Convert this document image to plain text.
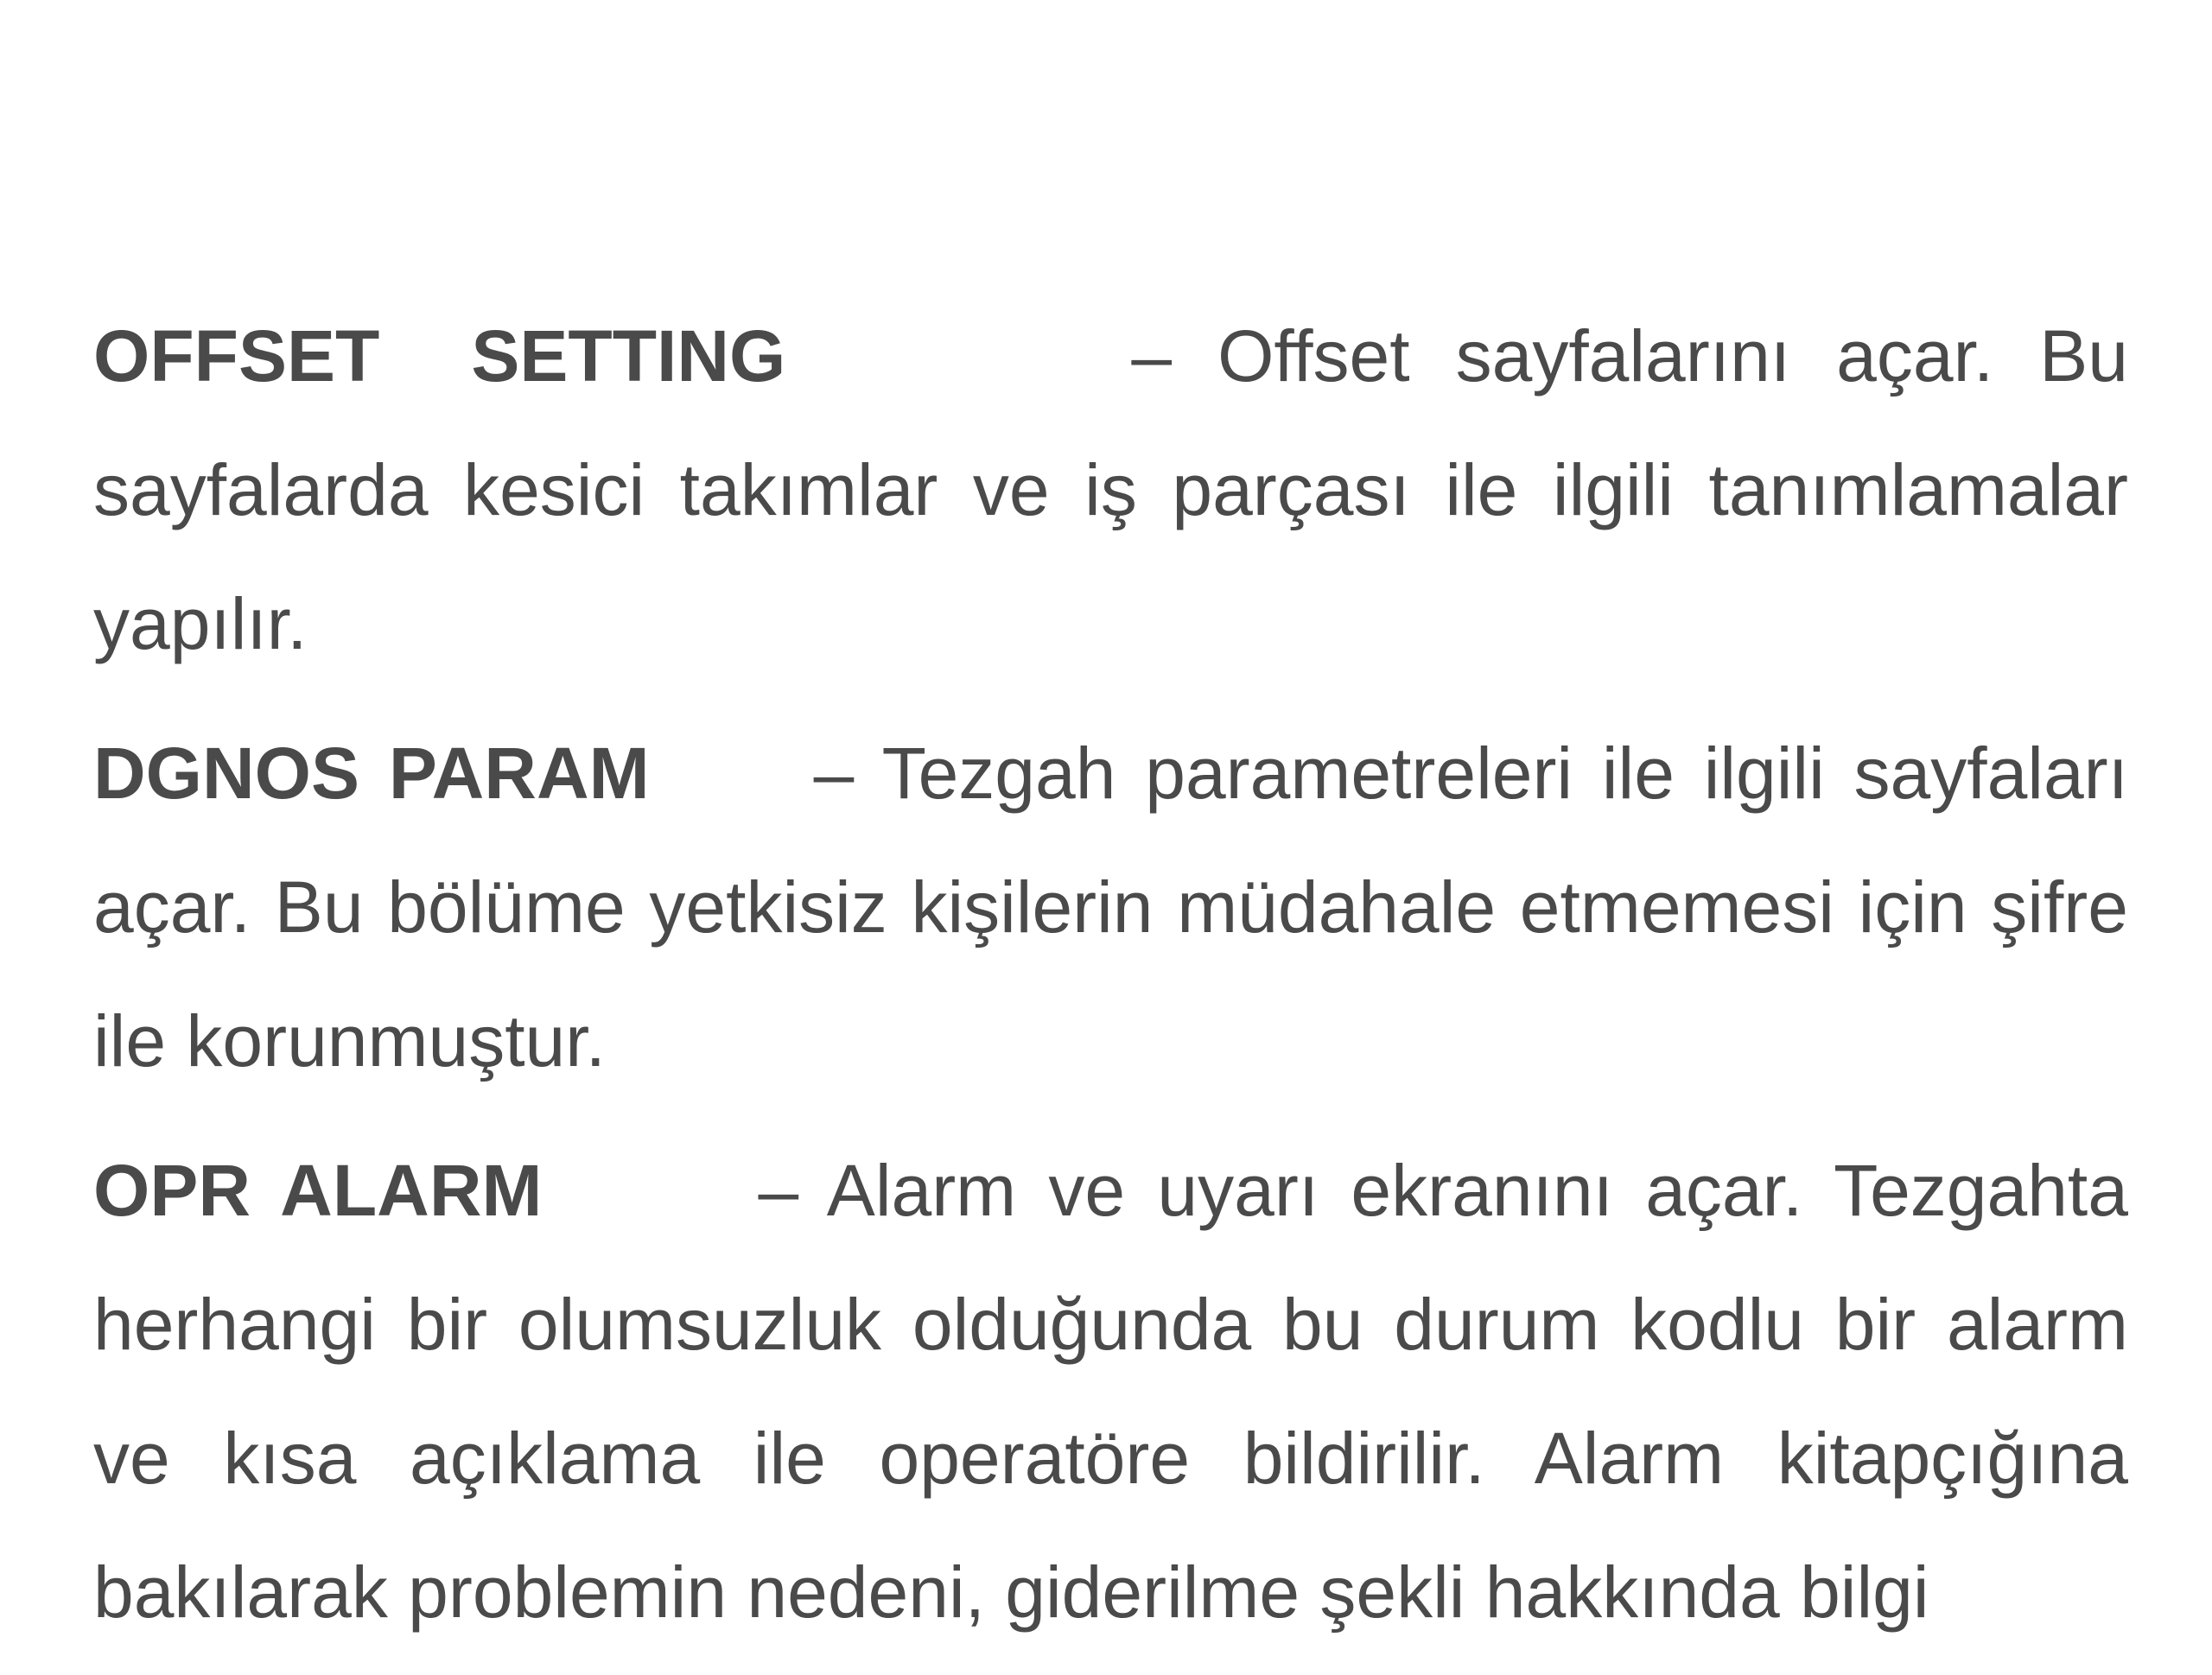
OFFSET  SETTING	– Offset sayfalarını açar. Bu sayfalarda kesici takımlar ve iş parçası ile ilgili tanımlamalar yapılır.

DGNOS PARAM – Tezgah parametreleri ile ilgili sayfaları açar. Bu bölüme yetkisiz kişilerin müdahale etmemesi için şifre ile korunmuştur.

OPR ALARM	– Alarm ve uyarı ekranını açar. Tezgahta herhangi bir olumsuzluk olduğunda bu durum kodlu bir alarm ve kısa açıklama ile operatöre bildirilir. Alarm kitapçığına bakılarak problemin nedeni, giderilme şekli hakkında bilgi
